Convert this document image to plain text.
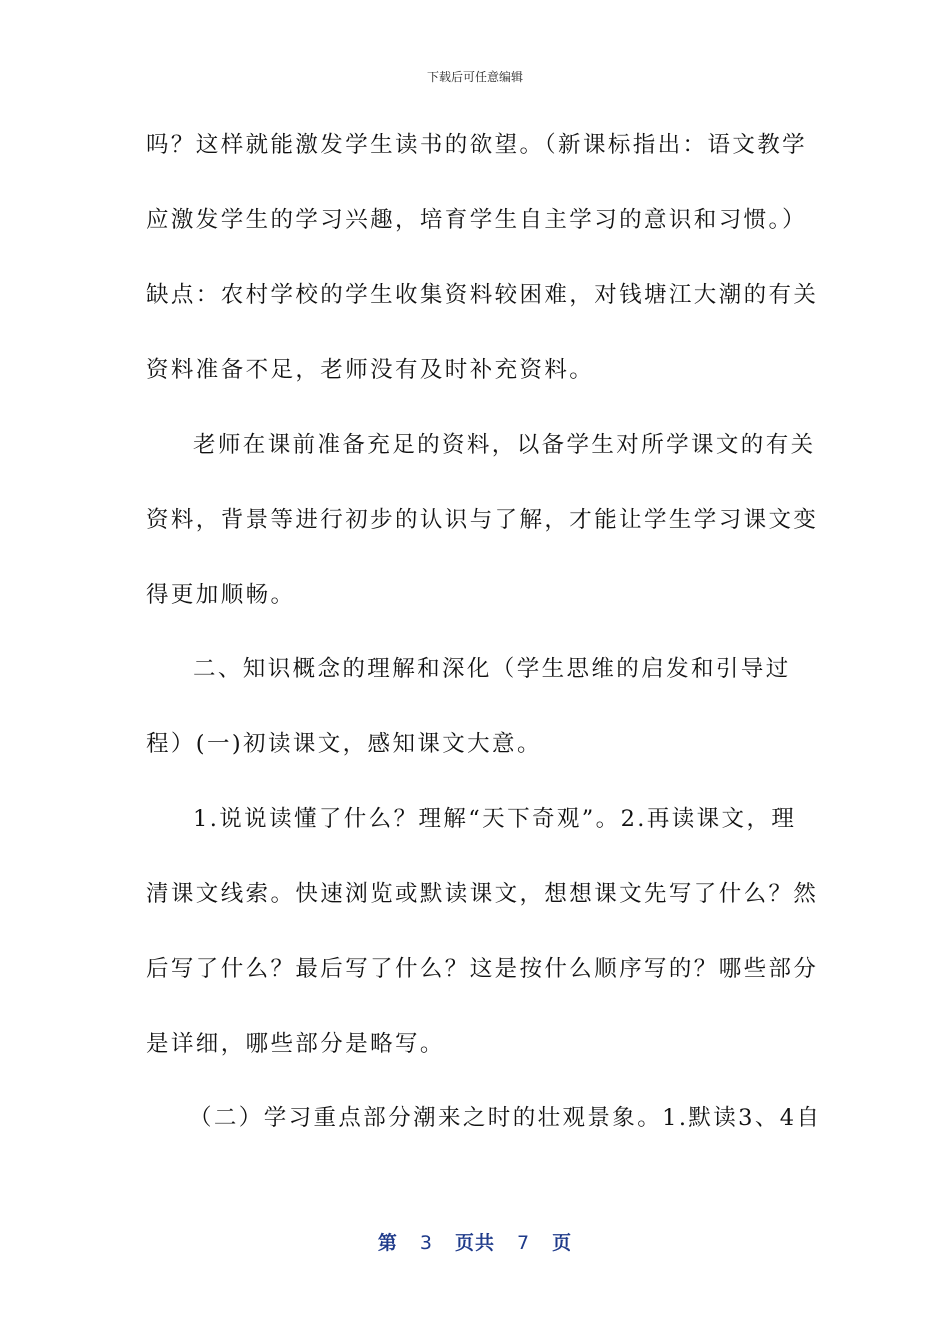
下载后可任意编辑
吗？这样就能激发学生读书的欲望。（新课标指出：语文教学
应激发学生的学习兴趣，培育学生自主学习的意识和习惯。）
缺点：农村学校的学生收集资料较困难，对钱塘江大潮的有关
资料准备不足，老师没有及时补充资料。
老师在课前准备充足的资料，以备学生对所学课文的有关
资料，背景等进行初步的认识与了解，才能让学生学习课文变
得更加顺畅。
二、知识概念的理解和深化（学生思维的启发和引导过
程）(一)初读课文，感知课文大意。
1.说说读懂了什么？理解“天下奇观”。2.再读课文，理
清课文线索。快速浏览或默读课文，想想课文先写了什么？然
后写了什么？最后写了什么？这是按什么顺序写的？哪些部分
是详细，哪些部分是略写。
（二）学习重点部分潮来之时的壮观景象。1.默读3、4自
第 3 页共 7 页
